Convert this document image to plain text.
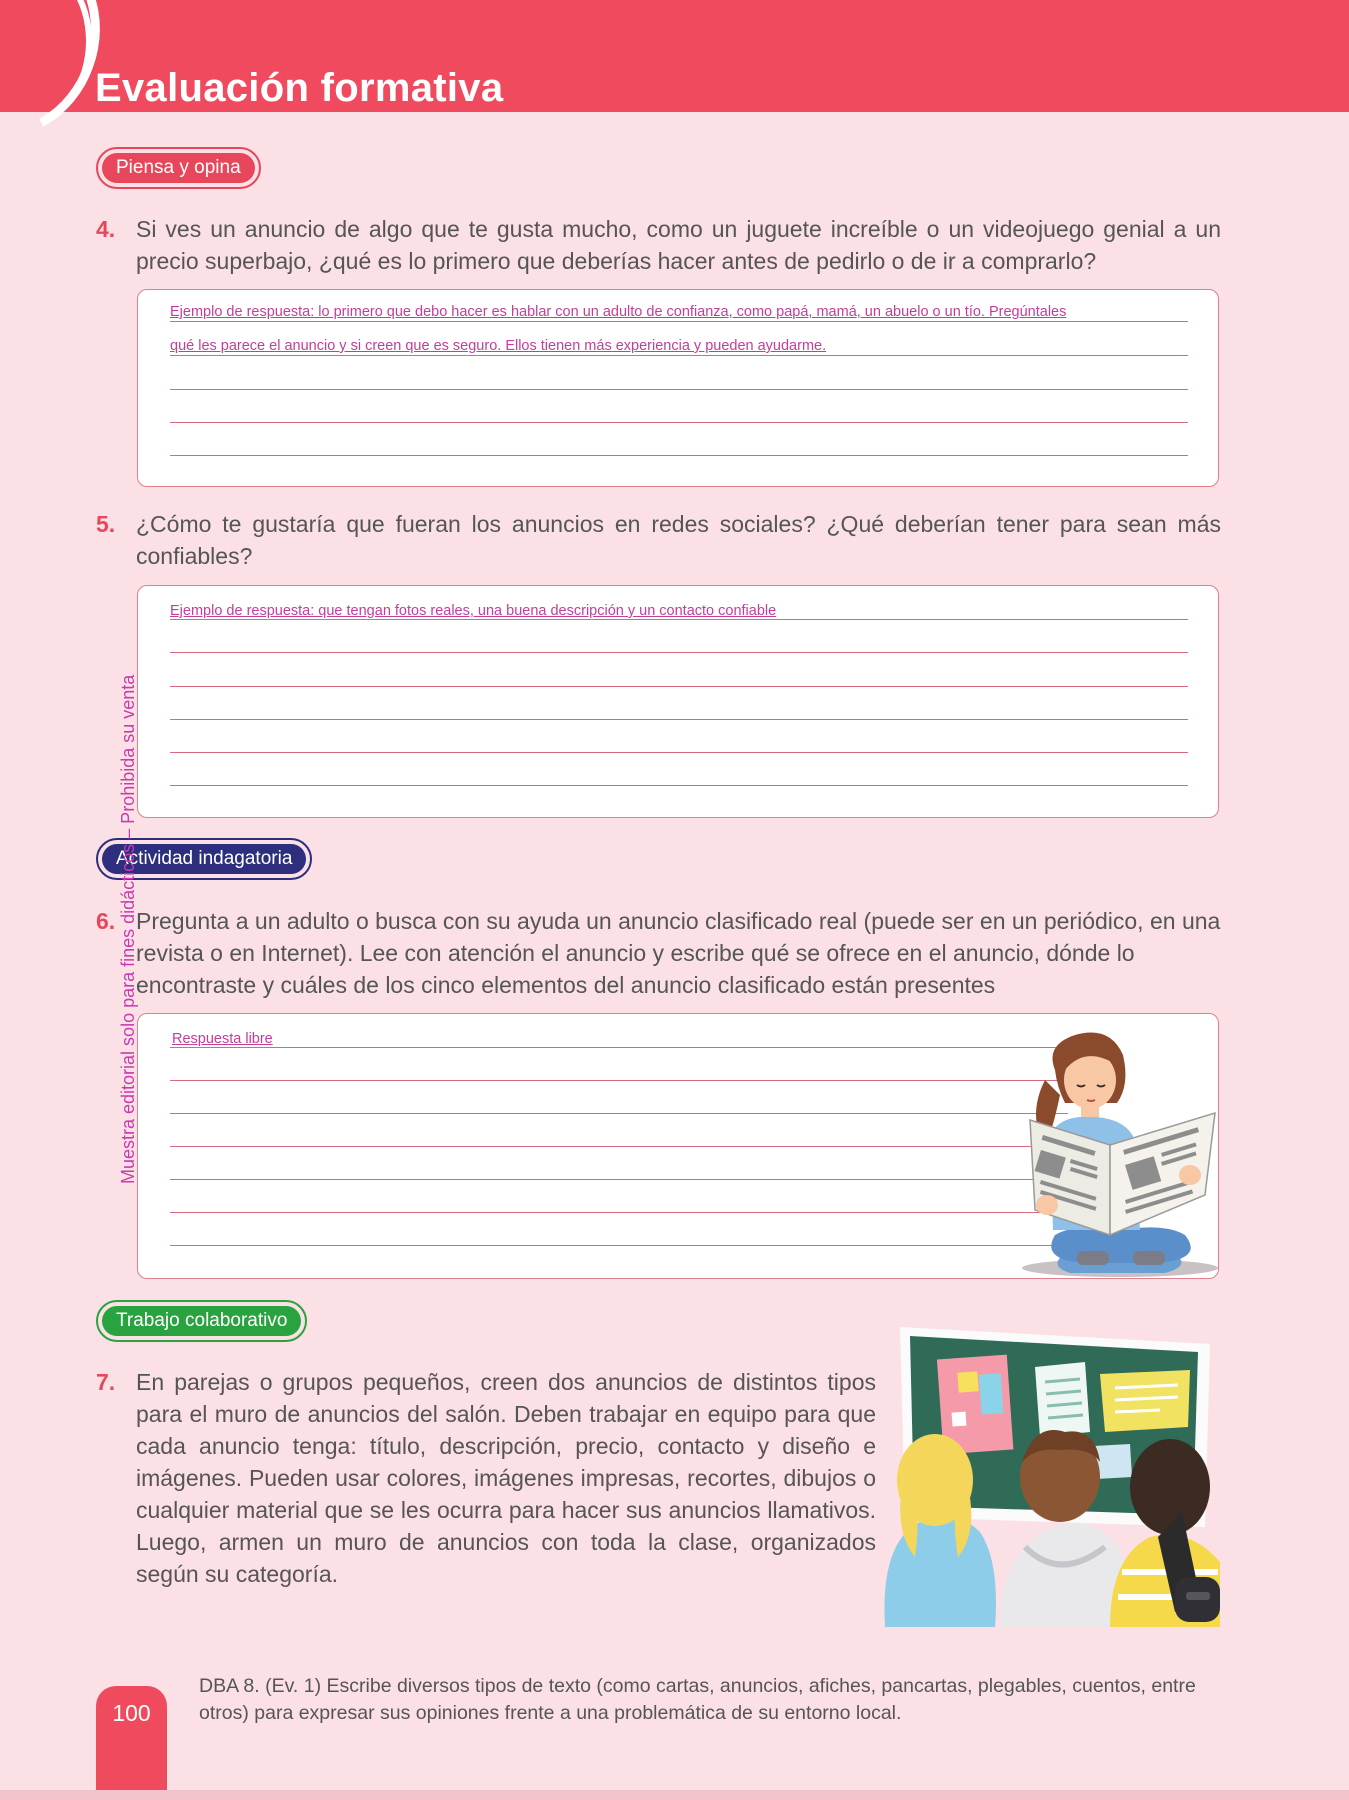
Evaluación formativa
Piensa y opina
4. Si ves un anuncio de algo que te gusta mucho, como un juguete increíble o un videojuego genial a un precio superbajo, ¿qué es lo primero que deberías hacer antes de pedirlo o de ir a comprarlo?
Ejemplo de respuesta: lo primero que debo hacer es hablar con un adulto de confianza, como papá, mamá, un abuelo o un tío. Pregúntales
qué les parece el anuncio y si creen que es seguro. Ellos tienen más experiencia y pueden ayudarme.
5. ¿Cómo te gustaría que fueran los anuncios en redes sociales? ¿Qué deberían tener para sean más confiables?
Ejemplo de respuesta: que tengan fotos reales, una buena descripción y un contacto confiable
Actividad indagatoria
6. Pregunta a un adulto o busca con su ayuda un anuncio clasificado real (puede ser en un periódico, en una revista o en Internet). Lee con atención el anuncio y escribe qué se ofrece en el anuncio, dónde lo encontraste y cuáles de los cinco elementos del anuncio clasificado están presentes
Respuesta libre
Trabajo colaborativo
7. En parejas o grupos pequeños, creen dos anuncios de distintos tipos para el muro de anuncios del salón. Deben trabajar en equipo para que cada anuncio tenga: título, descripción, precio, contacto y diseño e imágenes. Pueden usar colores, imágenes impresas, recortes, dibujos o cualquier material que se les ocurra para hacer sus anuncios llamativos. Luego, armen un muro de anuncios con toda la clase, organizados según su categoría.
Muestra editorial solo para fines didácticos – Prohibida su venta
100
DBA 8. (Ev. 1) Escribe diversos tipos de texto (como cartas, anuncios, afiches, pancartas, plegables, cuentos, entre otros) para expresar sus opiniones frente a una problemática de su entorno local.
